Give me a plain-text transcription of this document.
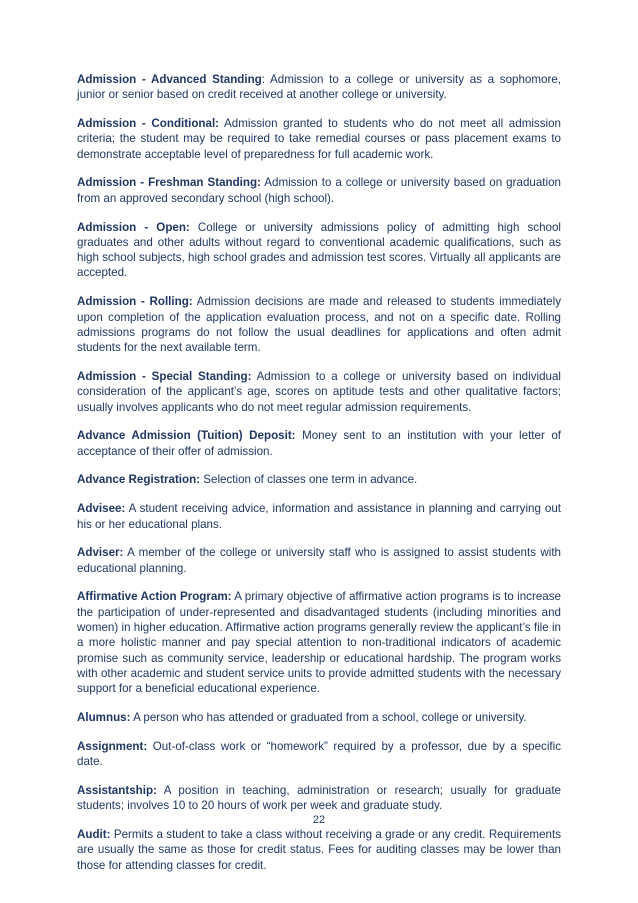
Admission - Advanced Standing: Admission to a college or university as a sophomore, junior or senior based on credit received at another college or university.

Admission - Conditional: Admission granted to students who do not meet all admission criteria; the student may be required to take remedial courses or pass placement exams to demonstrate acceptable level of preparedness for full academic work.

Admission - Freshman Standing: Admission to a college or university based on graduation from an approved secondary school (high school).

Admission - Open: College or university admissions policy of admitting high school graduates and other adults without regard to conventional academic qualifications, such as high school subjects, high school grades and admission test scores. Virtually all applicants are accepted.

Admission - Rolling: Admission decisions are made and released to students immediately upon completion of the application evaluation process, and not on a specific date. Rolling admissions programs do not follow the usual deadlines for applications and often admit students for the next available term.

Admission - Special Standing: Admission to a college or university based on individual consideration of the applicant’s age, scores on aptitude tests and other qualitative factors; usually involves applicants who do not meet regular admission requirements.

Advance Admission (Tuition) Deposit: Money sent to an institution with your letter of acceptance of their offer of admission.

Advance Registration: Selection of classes one term in advance.

Advisee: A student receiving advice, information and assistance in planning and carrying out his or her educational plans.

Adviser: A member of the college or university staff who is assigned to assist students with educational planning.

Affirmative Action Program: A primary objective of affirmative action programs is to increase the participation of under-represented and disadvantaged students (including minorities and women) in higher education. Affirmative action programs generally review the applicant’s file in a more holistic manner and pay special attention to non-traditional indicators of academic promise such as community service, leadership or educational hardship. The program works with other academic and student service units to provide admitted students with the necessary support for a beneficial educational experience.

Alumnus: A person who has attended or graduated from a school, college or university.

Assignment: Out-of-class work or “homework” required by a professor, due by a specific date.

Assistantship: A position in teaching, administration or research; usually for graduate students; involves 10 to 20 hours of work per week and graduate study.

Audit: Permits a student to take a class without receiving a grade or any credit. Requirements are usually the same as those for credit status. Fees for auditing classes may be lower than those for attending classes for credit.

22
